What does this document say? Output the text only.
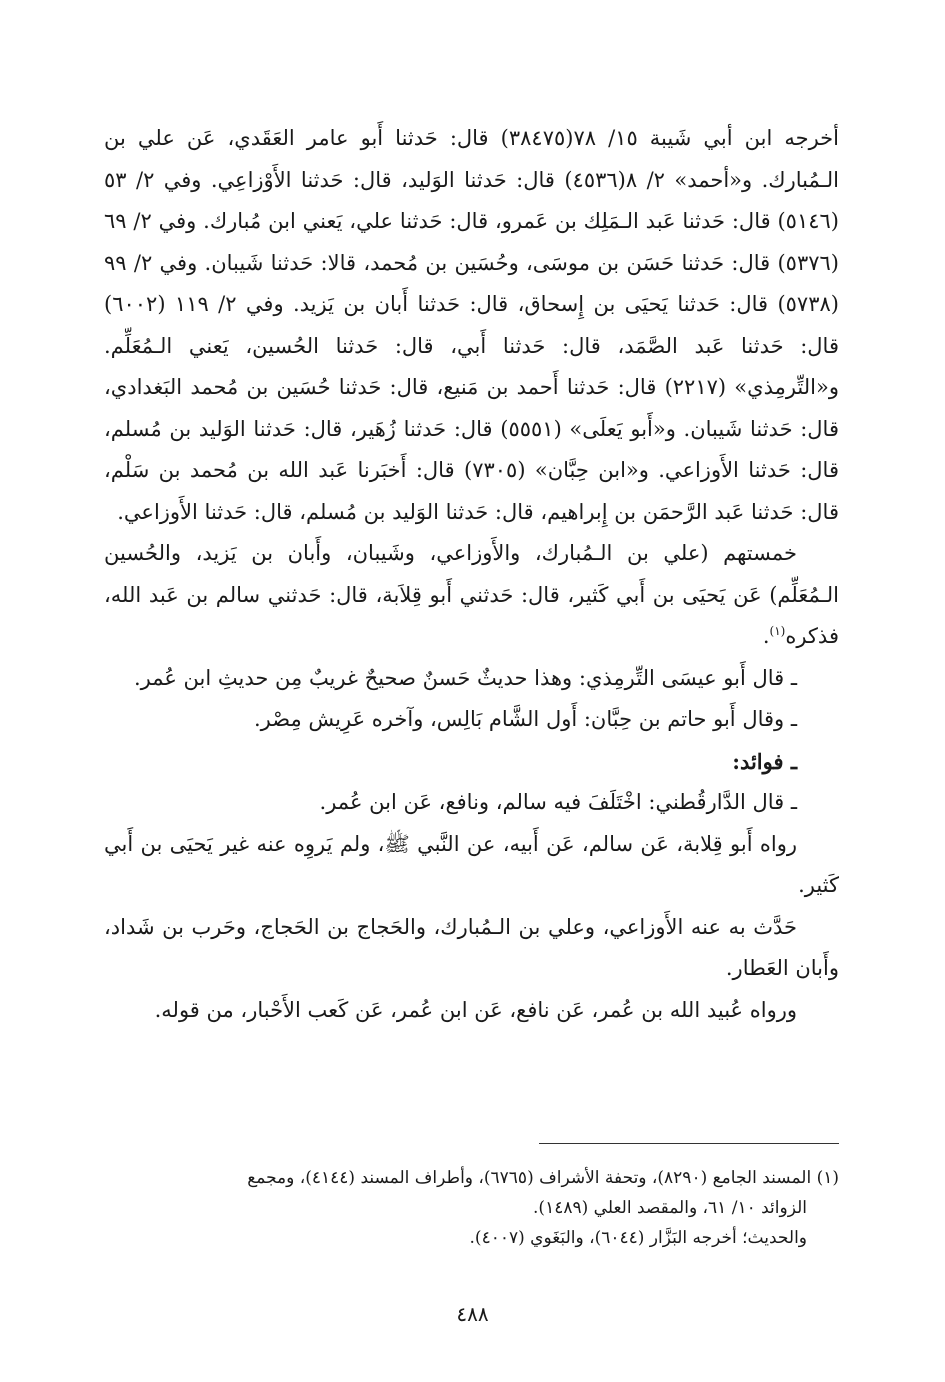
أخرجه ابن أبي شَيبة ١٥/ ٧٨(٣٨٤٧٥) قال: حَدثنا أَبو عامر العَقَدي، عَن علي بن الـمُبارك. و«أحمد» ٢/ ٨(٤٥٣٦) قال: حَدثنا الوَليد، قال: حَدثنا الأَوْزاعِي. وفي ٢/ ٥٣ (٥١٤٦) قال: حَدثنا عَبد الـمَلِك بن عَمرو، قال: حَدثنا علي، يَعني ابن مُبارك. وفي ٢/ ٦٩ (٥٣٧٦) قال: حَدثنا حَسَن بن موسَى، وحُسَين بن مُحمد، قالا: حَدثنا شَيبان. وفي ٢/ ٩٩ (٥٧٣٨) قال: حَدثنا يَحيَى بن إِسحاق، قال: حَدثنا أَبان بن يَزيد. وفي ٢/ ١١٩ (٦٠٠٢) قال: حَدثنا عَبد الصَّمَد، قال: حَدثنا أَبي، قال: حَدثنا الحُسين، يَعني الـمُعَلِّم. و«التِّرمِذي» (٢٢١٧) قال: حَدثنا أَحمد بن مَنيع، قال: حَدثنا حُسَين بن مُحمد البَغدادي، قال: حَدثنا شَيبان. و«أَبو يَعلَى» (٥٥٥١) قال: حَدثنا زُهَير، قال: حَدثنا الوَليد بن مُسلم، قال: حَدثنا الأَوزاعي. و«ابن حِبَّان» (٧٣٠٥) قال: أَخبَرنا عَبد الله بن مُحمد بن سَلْم، قال: حَدثنا عَبد الرَّحمَن بن إِبراهيم، قال: حَدثنا الوَليد بن مُسلم، قال: حَدثنا الأَوزاعي.

خمستهم (علي بن الـمُبارك، والأَوزاعي، وشَيبان، وأَبان بن يَزيد، والحُسين الـمُعَلِّم) عَن يَحيَى بن أَبي كَثير، قال: حَدثني أَبو قِلاَبة، قال: حَدثني سالم بن عَبد الله، فذكره$^{(١)}$.

ـ قال أَبو عيسَى التِّرمِذي: وهذا حديثٌ حَسنٌ صحيحٌ غريبٌ مِن حديثِ ابن عُمر.

ـ وقال أَبو حاتم بن حِبَّان: أَول الشَّام بَالِس، وآخره عَرِيش مِصْر.

ـ فوائد:

ـ قال الدَّارقُطني: اخْتَلَفَ فيه سالم، ونافع، عَن ابن عُمر.

رواه أَبو قِلابة، عَن سالم، عَن أَبيه، عن النَّبي ﷺ، ولم يَروِه عنه غير يَحيَى بن أَبي كَثير.

حَدَّث به عنه الأَوزاعي، وعلي بن الـمُبارك، والحَجاج بن الحَجاج، وحَرب بن شَداد، وأَبان العَطار.

ورواه عُبيد الله بن عُمر، عَن نافع، عَن ابن عُمر، عَن كَعب الأَحْبار، من قوله.

(١) المسند الجامع (٨٢٩٠)، وتحفة الأشراف (٦٧٦٥)، وأطراف المسند (٤١٤٤)، ومجمع

الزوائد ١٠/ ٦١، والمقصد العلي (١٤٨٩).

والحديث؛ أخرجه البَزَّار (٦٠٤٤)، والبَغَوي (٤٠٠٧).

٤٨٨
